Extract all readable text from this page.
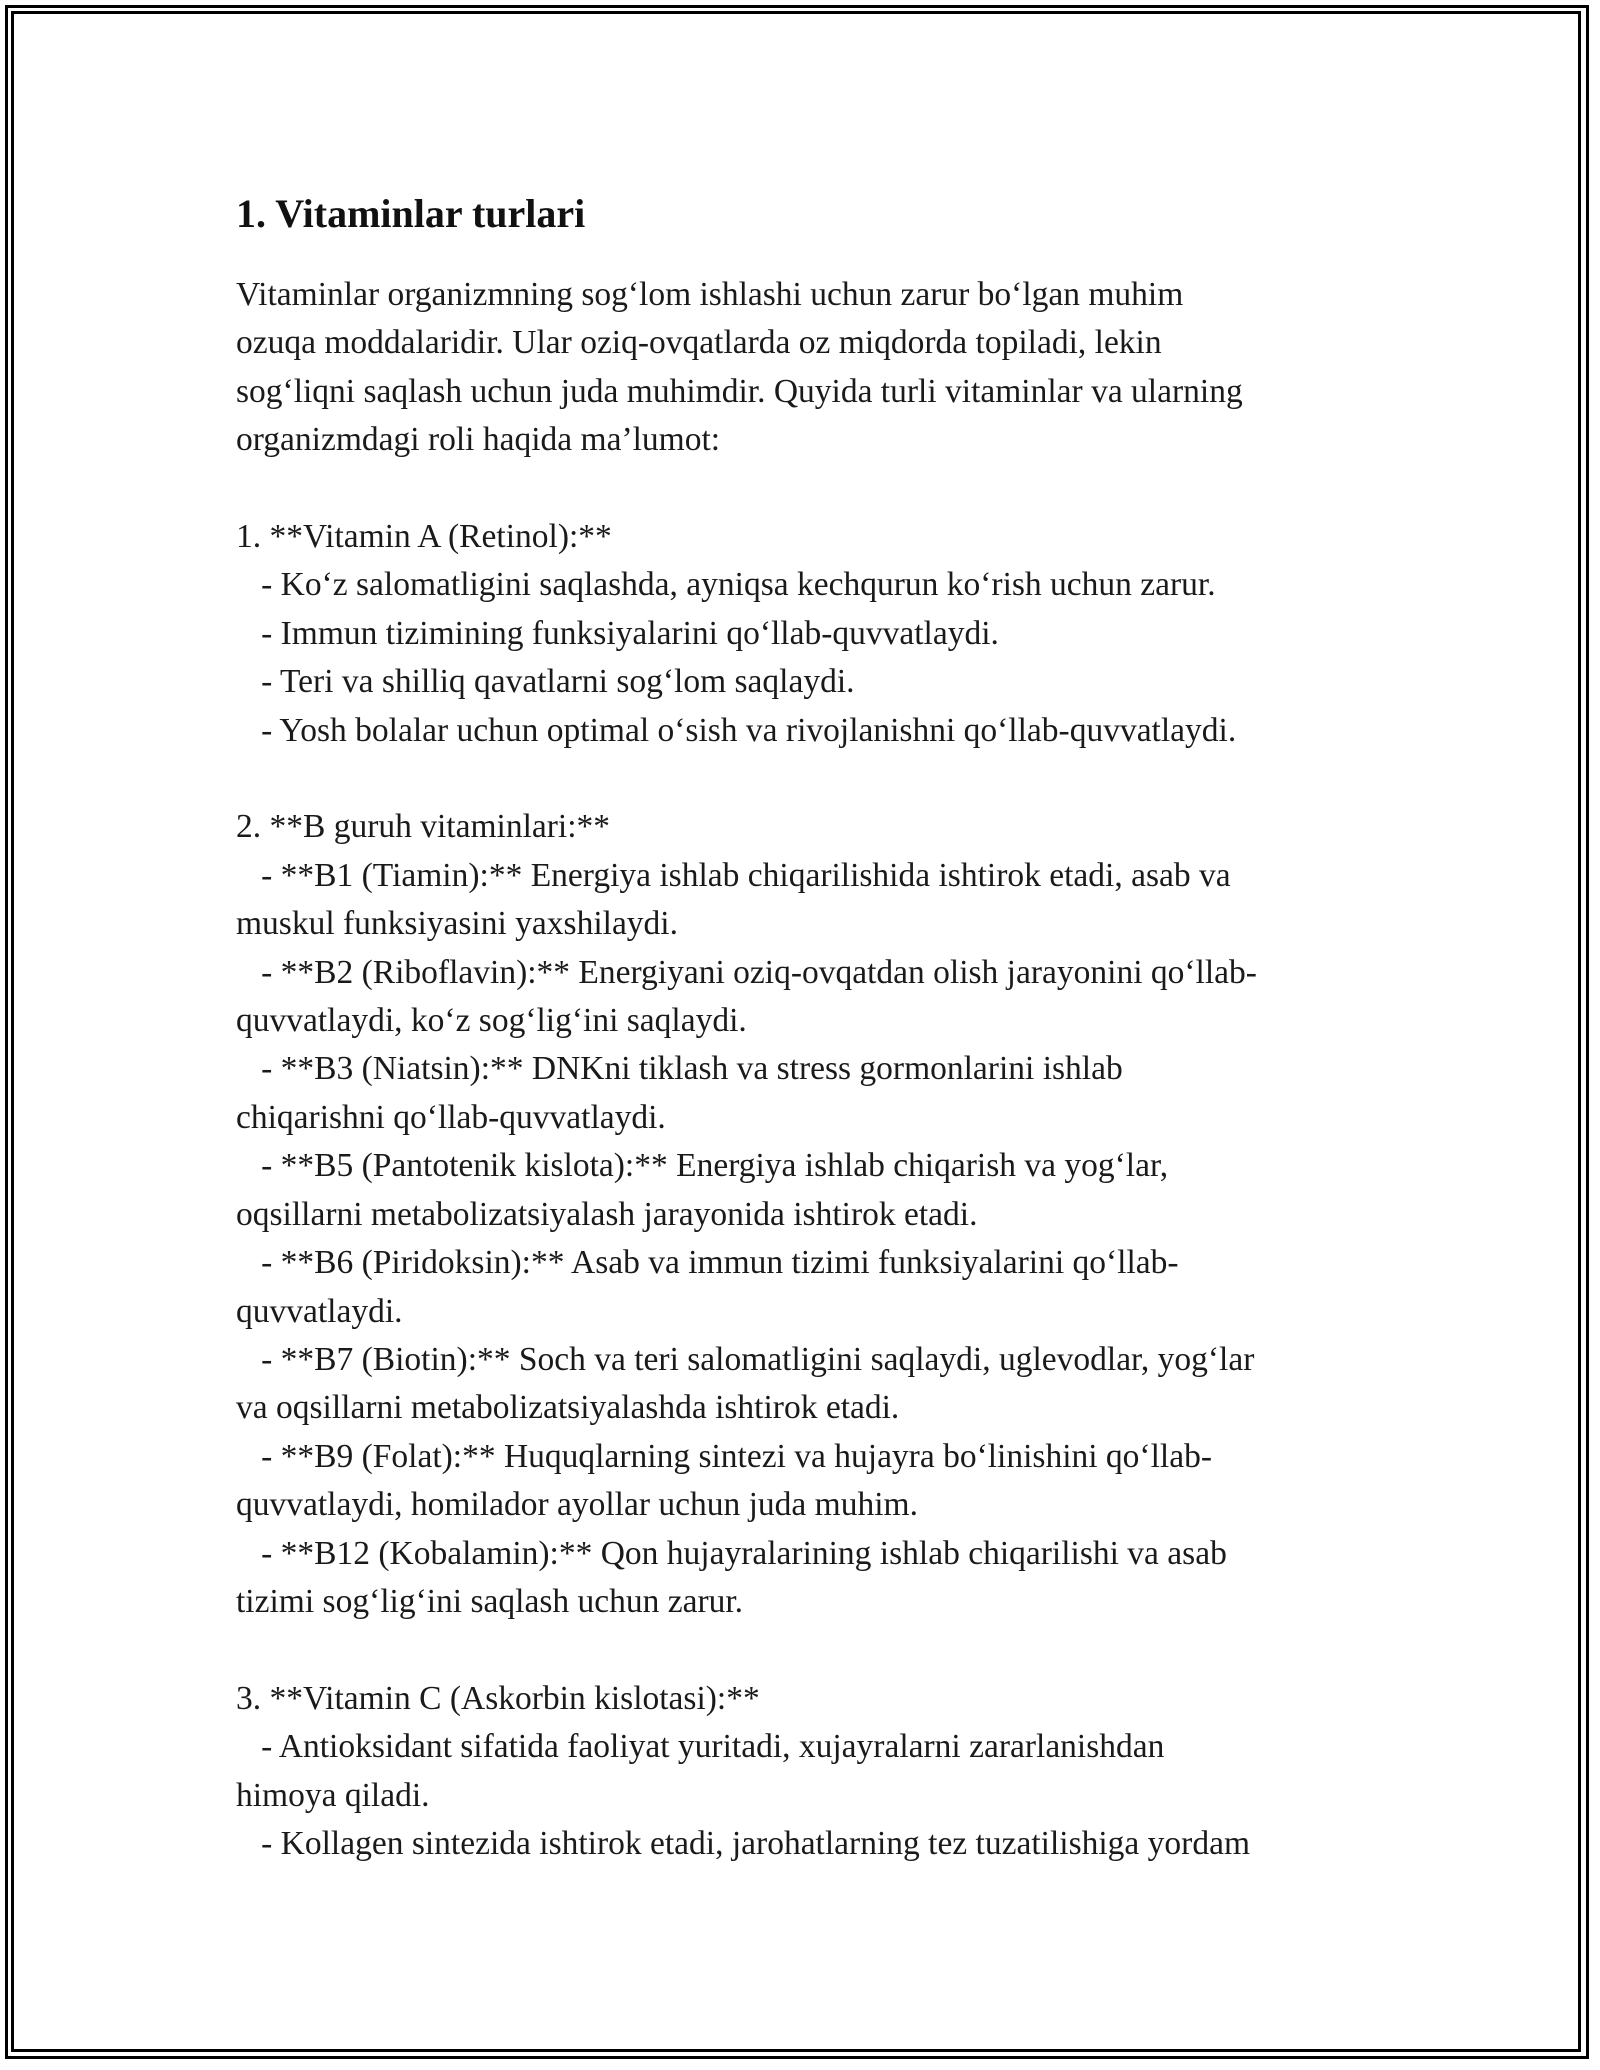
1. Vitaminlar turlari

Vitaminlar organizmning sog‘lom ishlashi uchun zarur bo‘lgan muhim
ozuqa moddalaridir. Ular oziq-ovqatlarda oz miqdorda topiladi, lekin
sog‘liqni saqlash uchun juda muhimdir. Quyida turli vitaminlar va ularning
organizmdagi roli haqida ma’lumot:

1. **Vitamin A (Retinol):**
- Ko‘z salomatligini saqlashda, ayniqsa kechqurun ko‘rish uchun zarur.
- Immun tizimining funksiyalarini qo‘llab-quvvatlaydi.
- Teri va shilliq qavatlarni sog‘lom saqlaydi.
- Yosh bolalar uchun optimal o‘sish va rivojlanishni qo‘llab-quvvatlaydi.
2. **B guruh vitaminlari:**
- **B1 (Tiamin):** Energiya ishlab chiqarilishida ishtirok etadi, asab va
muskul funksiyasini yaxshilaydi.
- **B2 (Riboflavin):** Energiyani oziq-ovqatdan olish jarayonini qo‘llab-
quvvatlaydi, ko‘z sog‘lig‘ini saqlaydi.
- **B3 (Niatsin):** DNKni tiklash va stress gormonlarini ishlab
chiqarishni qo‘llab-quvvatlaydi.
- **B5 (Pantotenik kislota):** Energiya ishlab chiqarish va yog‘lar,
oqsillarni metabolizatsiyalash jarayonida ishtirok etadi.
- **B6 (Piridoksin):** Asab va immun tizimi funksiyalarini qo‘llab-
quvvatlaydi.
- **B7 (Biotin):** Soch va teri salomatligini saqlaydi, uglevodlar, yog‘lar
va oqsillarni metabolizatsiyalashda ishtirok etadi.
- **B9 (Folat):** Huquqlarning sintezi va hujayra bo‘linishini qo‘llab-
quvvatlaydi, homilador ayollar uchun juda muhim.
- **B12 (Kobalamin):** Qon hujayralarining ishlab chiqarilishi va asab
tizimi sog‘lig‘ini saqlash uchun zarur.
3. **Vitamin C (Askorbin kislotasi):**
- Antioksidant sifatida faoliyat yuritadi, xujayralarni zararlanishdan
himoya qiladi.
- Kollagen sintezida ishtirok etadi, jarohatlarning tez tuzatilishiga yordam
